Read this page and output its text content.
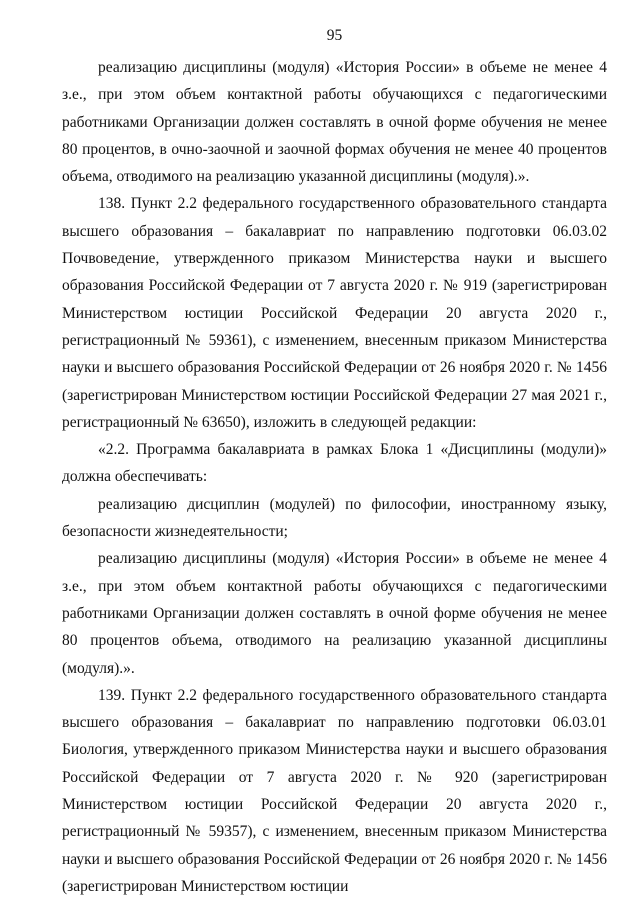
95

реализацию дисциплины (модуля) «История России» в объеме не менее 4 з.е., при этом объем контактной работы обучающихся с педагогическими работниками Организации должен составлять в очной форме обучения не менее 80 процентов, в очно-заочной и заочной формах обучения не менее 40 процентов объема, отводимого на реализацию указанной дисциплины (модуля).».

138. Пункт 2.2 федерального государственного образовательного стандарта высшего образования – бакалавриат по направлению подготовки 06.03.02 Почвоведение, утвержденного приказом Министерства науки и высшего образования Российской Федерации от 7 августа 2020 г. № 919 (зарегистрирован Министерством юстиции Российской Федерации 20 августа 2020 г., регистрационный № 59361), с изменением, внесенным приказом Министерства науки и высшего образования Российской Федерации от 26 ноября 2020 г. № 1456 (зарегистрирован Министерством юстиции Российской Федерации 27 мая 2021 г., регистрационный № 63650), изложить в следующей редакции:

«2.2. Программа бакалавриата в рамках Блока 1 «Дисциплины (модули)» должна обеспечивать:

реализацию дисциплин (модулей) по философии, иностранному языку, безопасности жизнедеятельности;

реализацию дисциплины (модуля) «История России» в объеме не менее 4 з.е., при этом объем контактной работы обучающихся с педагогическими работниками Организации должен составлять в очной форме обучения не менее 80 процентов объема, отводимого на реализацию указанной дисциплины (модуля).».

139. Пункт 2.2 федерального государственного образовательного стандарта высшего образования – бакалавриат по направлению подготовки 06.03.01 Биология, утвержденного приказом Министерства науки и высшего образования Российской Федерации от 7 августа 2020 г. № 920 (зарегистрирован Министерством юстиции Российской Федерации 20 августа 2020 г., регистрационный № 59357), с изменением, внесенным приказом Министерства науки и высшего образования Российской Федерации от 26 ноября 2020 г. № 1456 (зарегистрирован Министерством юстиции
